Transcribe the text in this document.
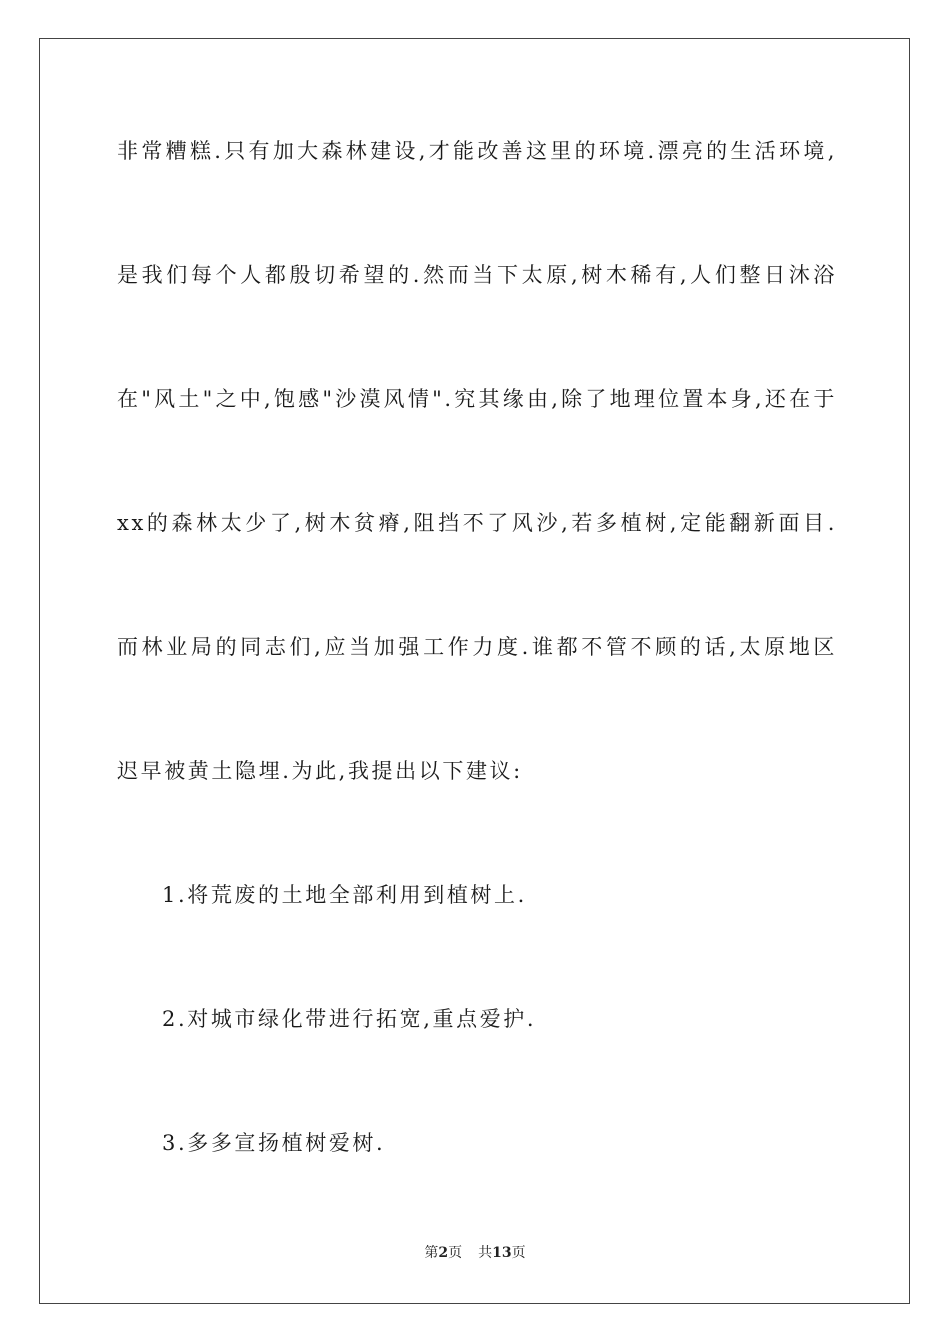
非常糟糕.只有加大森林建设,才能改善这里的环境.漂亮的生活环境,
是我们每个人都殷切希望的.然而当下太原,树木稀有,人们整日沐浴
在"风土"之中,饱感"沙漠风情".究其缘由,除了地理位置本身,还在于
xx的森林太少了,树木贫瘠,阻挡不了风沙,若多植树,定能翻新面目.
而林业局的同志们,应当加强工作力度.谁都不管不顾的话,太原地区
迟早被黄土隐埋.为此,我提出以下建议:
1.将荒废的土地全部利用到植树上.
2.对城市绿化带进行拓宽,重点爱护.
3.多多宣扬植树爱树.
第2页 共13页
